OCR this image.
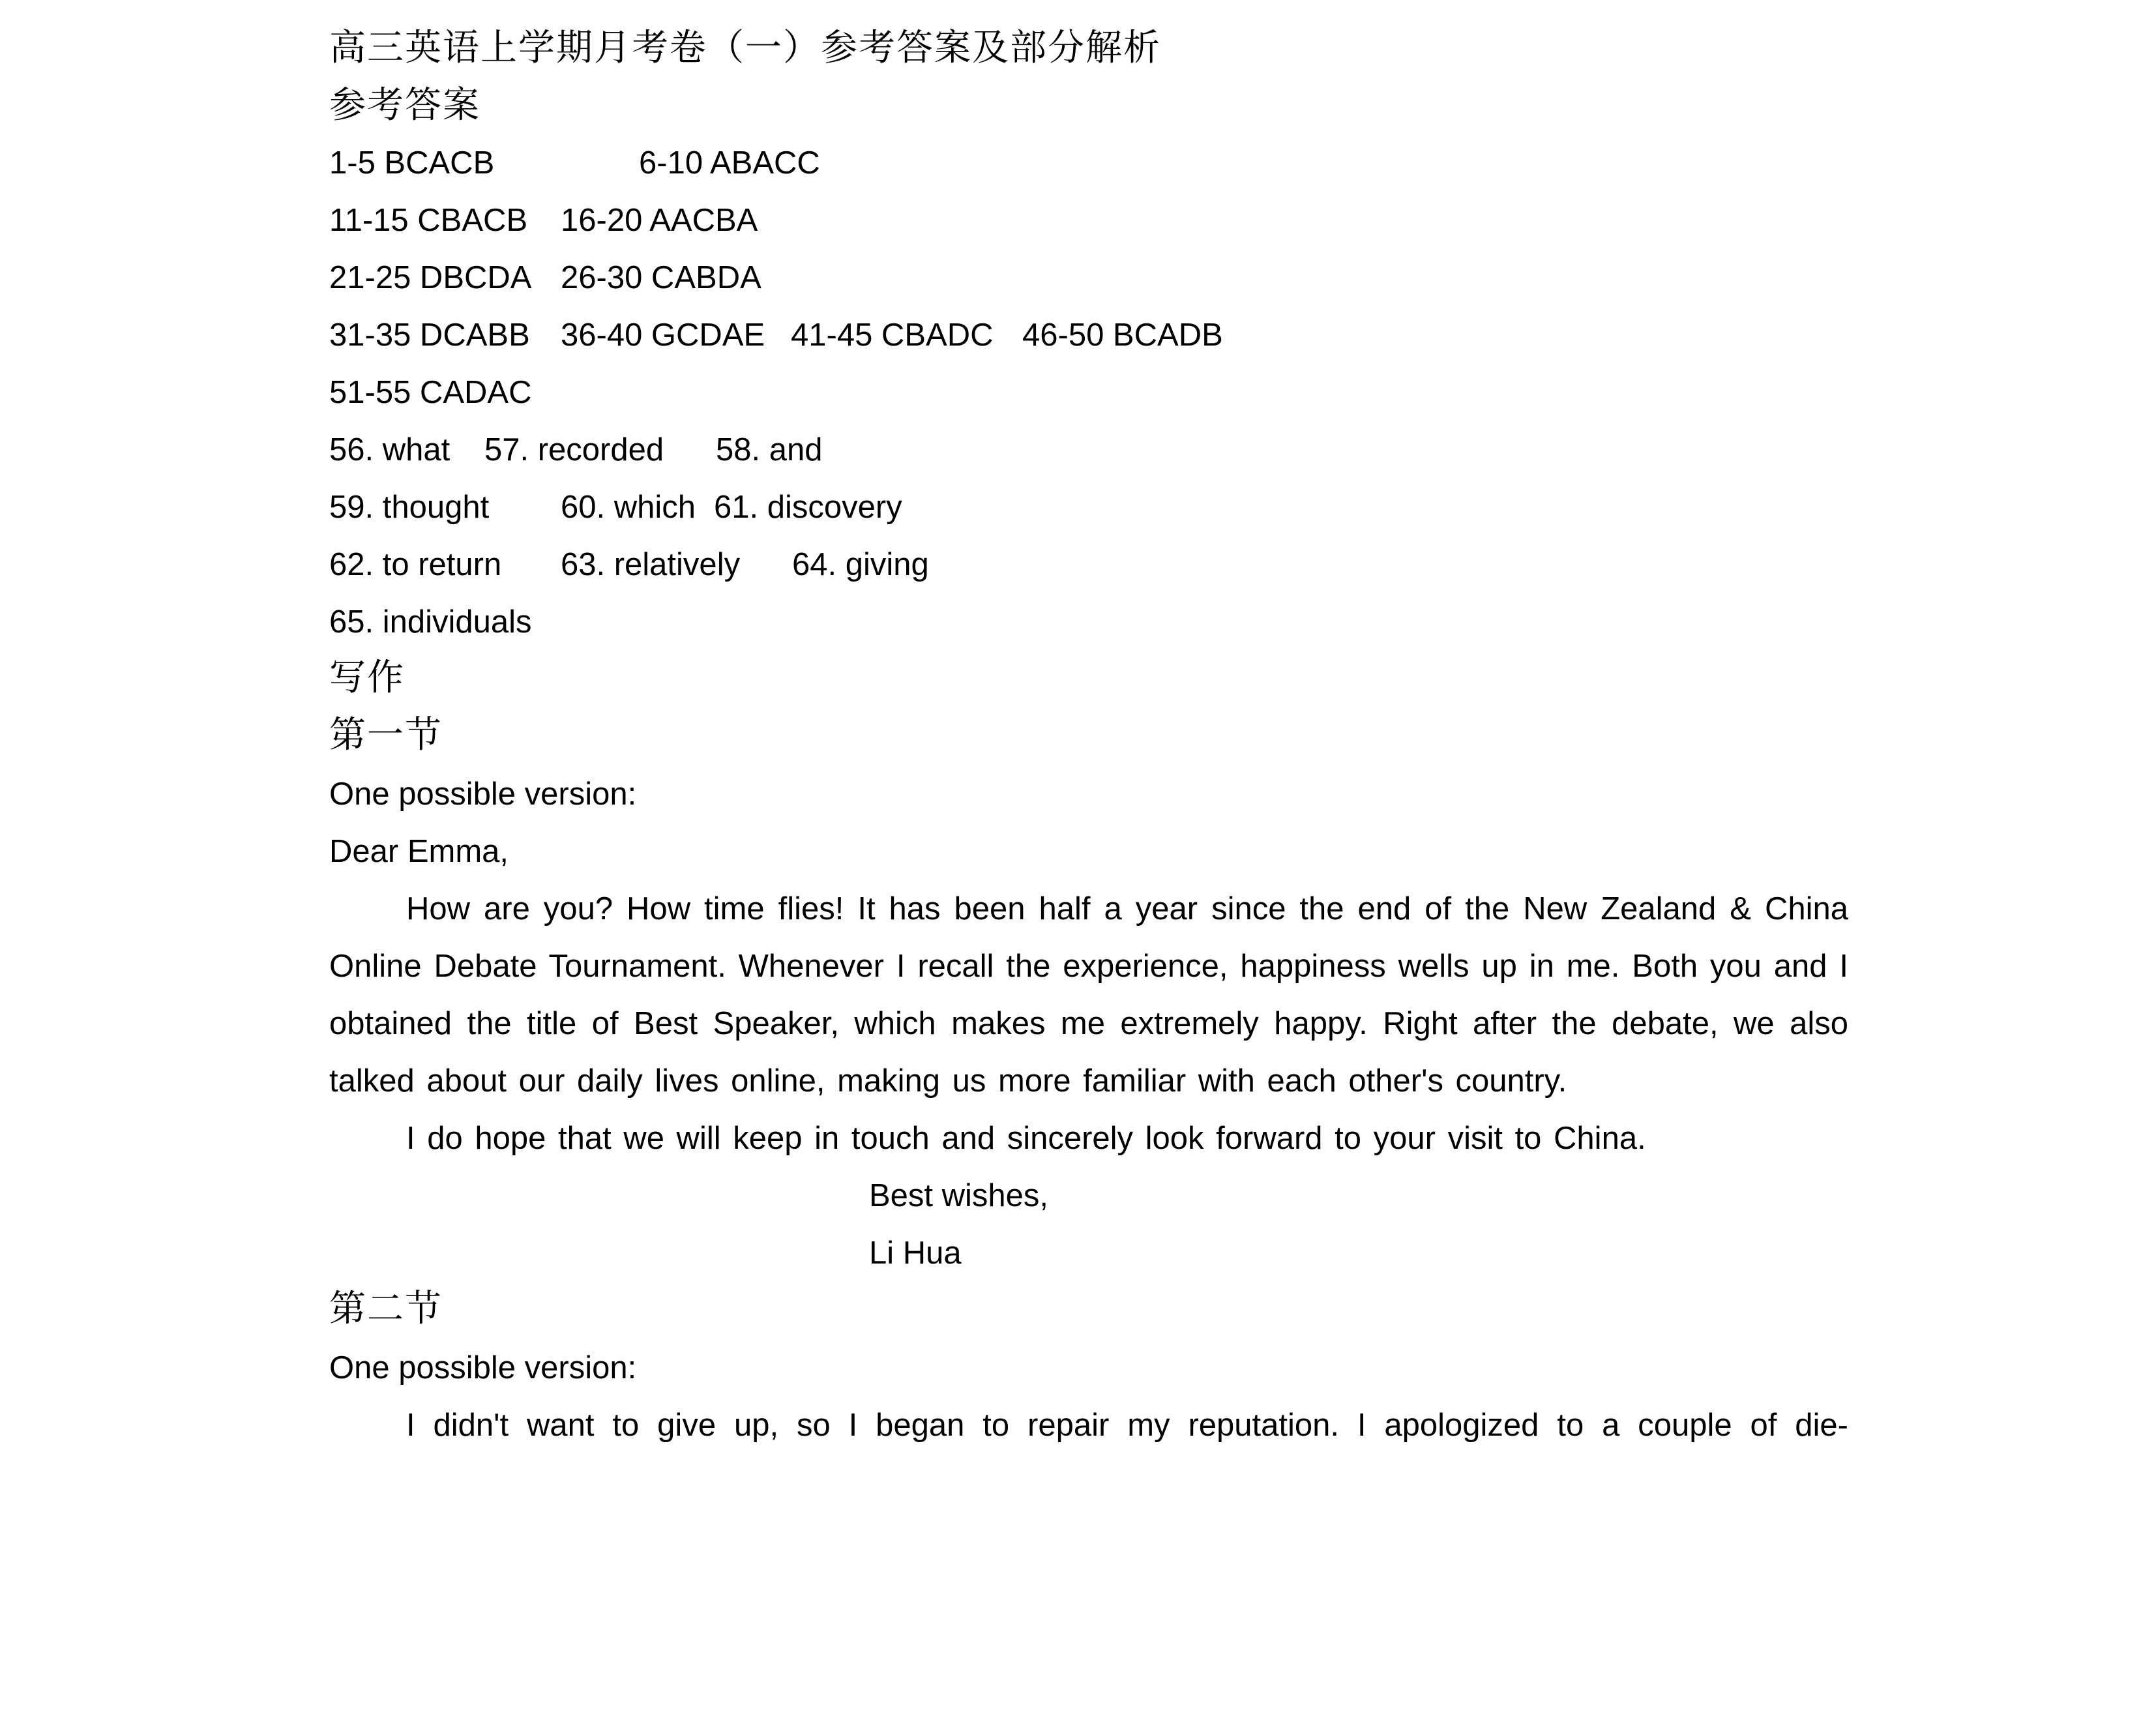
高三英语上学期月考卷（一）参考答案及部分解析
参考答案
1-5 BCACB	6-10 ABACC
11-15 CBACB 16-20 AACBA
21-25 DBCDA 26-30 CABDA
31-35 DCABB 36-40 GCDAE 41-45 CBADC 46-50 BCADB
51-55 CADAC
56. what 57. recorded 58. and
59. thought 60. which 61. discovery
62. to return 63. relatively 64. giving
65. individuals
写作
第一节
One possible version:
Dear Emma,
How are you? How time flies! It has been half a year since the end of the New Zealand & China Online Debate Tournament. Whenever I recall the experience, happiness wells up in me. Both you and I obtained the title of Best Speaker, which makes me extremely happy. Right after the debate, we also talked about our daily lives online, making us more familiar with each other's country.
I do hope that we will keep in touch and sincerely look forward to your visit to China.
Best wishes,
Li Hua
第二节
One possible version:
I didn't want to give up, so I began to repair my reputation. I apologized to a couple of die-
